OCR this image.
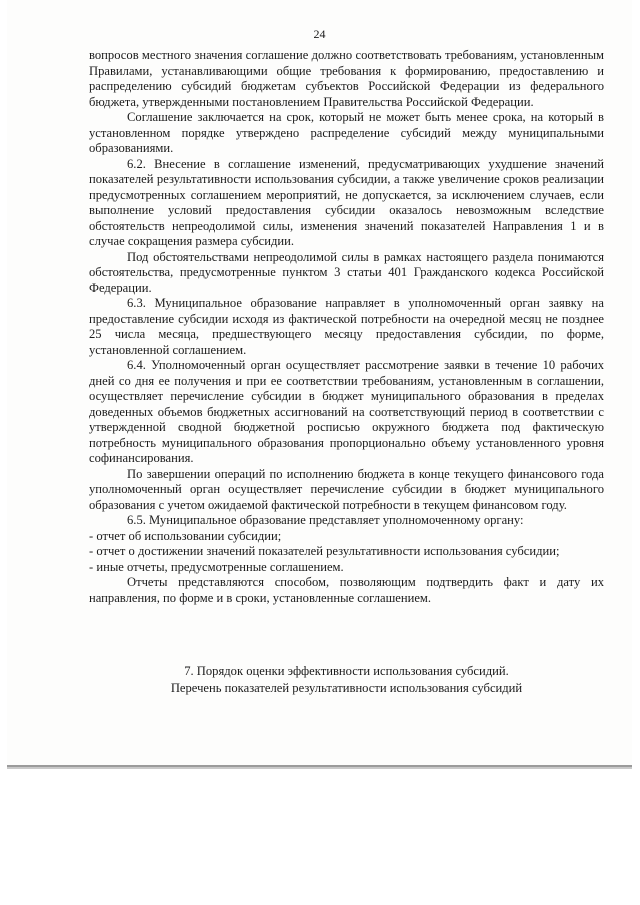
24

вопросов местного значения соглашение должно соответствовать требованиям, установленным Правилами, устанавливающими общие требования к формированию, предоставлению и распределению субсидий бюджетам субъектов Российской Федерации из федерального бюджета, утвержденными постановлением Правительства Российской Федерации.

Соглашение заключается на срок, который не может быть менее срока, на который в установленном порядке утверждено распределение субсидий между муниципальными образованиями.

6.2. Внесение в соглашение изменений, предусматривающих ухудшение значений показателей результативности использования субсидии, а также увеличение сроков реализации предусмотренных соглашением мероприятий, не допускается, за исключением случаев, если выполнение условий предоставления субсидии оказалось невозможным вследствие обстоятельств непреодолимой силы, изменения значений показателей Направления 1 и в случае сокращения размера субсидии.

Под обстоятельствами непреодолимой силы в рамках настоящего раздела понимаются обстоятельства, предусмотренные пунктом 3 статьи 401 Гражданского кодекса Российской Федерации.

6.3. Муниципальное образование направляет в уполномоченный орган заявку на предоставление субсидии исходя из фактической потребности на очередной месяц не позднее 25 числа месяца, предшествующего месяцу предоставления субсидии, по форме, установленной соглашением.

6.4. Уполномоченный орган осуществляет рассмотрение заявки в течение 10 рабочих дней со дня ее получения и при ее соответствии требованиям, установленным в соглашении, осуществляет перечисление субсидии в бюджет муниципального образования в пределах доведенных объемов бюджетных ассигнований на соответствующий период в соответствии с утвержденной сводной бюджетной росписью окружного бюджета под фактическую потребность муниципального образования пропорционально объему установленного уровня софинансирования.

По завершении операций по исполнению бюджета в конце текущего финансового года уполномоченный орган осуществляет перечисление субсидии в бюджет муниципального образования с учетом ожидаемой фактической потребности в текущем финансовом году.

6.5. Муниципальное образование представляет уполномоченному органу:

- отчет об использовании субсидии;

- отчет о достижении значений показателей результативности использования субсидии;

- иные отчеты, предусмотренные соглашением.

Отчеты представляются способом, позволяющим подтвердить факт и дату их направления, по форме и в сроки, установленные соглашением.

7. Порядок оценки эффективности использования субсидий.
Перечень показателей результативности использования субсидий
